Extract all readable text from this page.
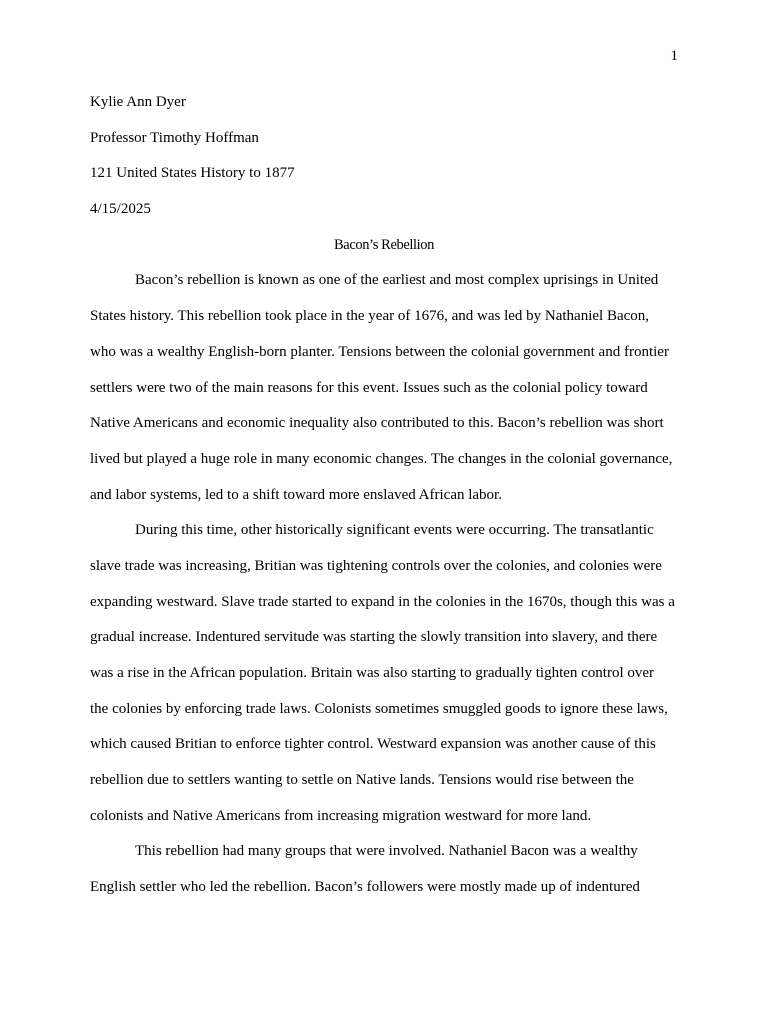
1
Kylie Ann Dyer
Professor Timothy Hoffman
121 United States History to 1877
4/15/2025
Bacon’s Rebellion
Bacon’s rebellion is known as one of the earliest and most complex uprisings in United
States history. This rebellion took place in the year of 1676, and was led by Nathaniel Bacon,
who was a wealthy English-born planter. Tensions between the colonial government and frontier
settlers were two of the main reasons for this event. Issues such as the colonial policy toward
Native Americans and economic inequality also contributed to this. Bacon’s rebellion was short
lived but played a huge role in many economic changes. The changes in the colonial governance,
and labor systems, led to a shift toward more enslaved African labor.
During this time, other historically significant events were occurring. The transatlantic
slave trade was increasing, Britian was tightening controls over the colonies, and colonies were
expanding westward. Slave trade started to expand in the colonies in the 1670s, though this was a
gradual increase. Indentured servitude was starting the slowly transition into slavery, and there
was a rise in the African population. Britain was also starting to gradually tighten control over
the colonies by enforcing trade laws. Colonists sometimes smuggled goods to ignore these laws,
which caused Britian to enforce tighter control. Westward expansion was another cause of this
rebellion due to settlers wanting to settle on Native lands. Tensions would rise between the
colonists and Native Americans from increasing migration westward for more land.
This rebellion had many groups that were involved. Nathaniel Bacon was a wealthy
English settler who led the rebellion. Bacon’s followers were mostly made up of indentured
